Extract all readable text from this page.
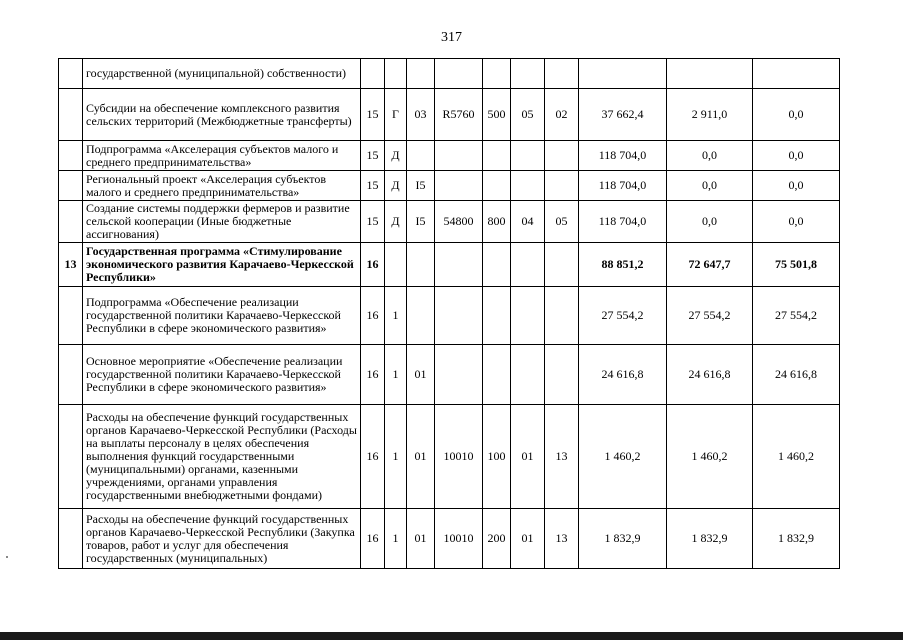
317
	государственной (муниципальной) собственности)										
	Субсидии на обеспечение комплексного развития сельских территорий (Межбюджетные трансферты)	15	Г	03	R5760	500	05	02	37 662,4	2 911,0	0,0
	Подпрограмма «Акселерация субъектов малого и среднего предпринимательства»	15	Д						118 704,0	0,0	0,0
	Региональный проект «Акселерация субъектов малого и среднего предпринимательства»	15	Д	I5					118 704,0	0,0	0,0
	Создание системы поддержки фермеров и развитие сельской кооперации (Иные бюджетные ассигнования)	15	Д	I5	54800	800	04	05	118 704,0	0,0	0,0
13	Государственная программа «Стимулирование экономического развития Карачаево-Черкесской Республики»	16							88 851,2	72 647,7	75 501,8
	Подпрограмма «Обеспечение реализации государственной политики Карачаево-Черкесской Республики в сфере экономического развития»	16	1						27 554,2	27 554,2	27 554,2
	Основное мероприятие «Обеспечение реализации государственной политики Карачаево-Черкесской Республики в сфере экономического развития»	16	1	01					24 616,8	24 616,8	24 616,8
	Расходы на обеспечение функций государственных органов Карачаево-Черкесской Республики (Расходы на выплаты персоналу в целях обеспечения выполнения функций государственными (муниципальными) органами, казенными учреждениями, органами управления государственными внебюджетными фондами)	16	1	01	10010	100	01	13	1 460,2	1 460,2	1 460,2
	Расходы на обеспечение функций государственных органов Карачаево-Черкесской Республики (Закупка товаров, работ и услуг для обеспечения государственных (муниципальных)	16	1	01	10010	200	01	13	1 832,9	1 832,9	1 832,9
